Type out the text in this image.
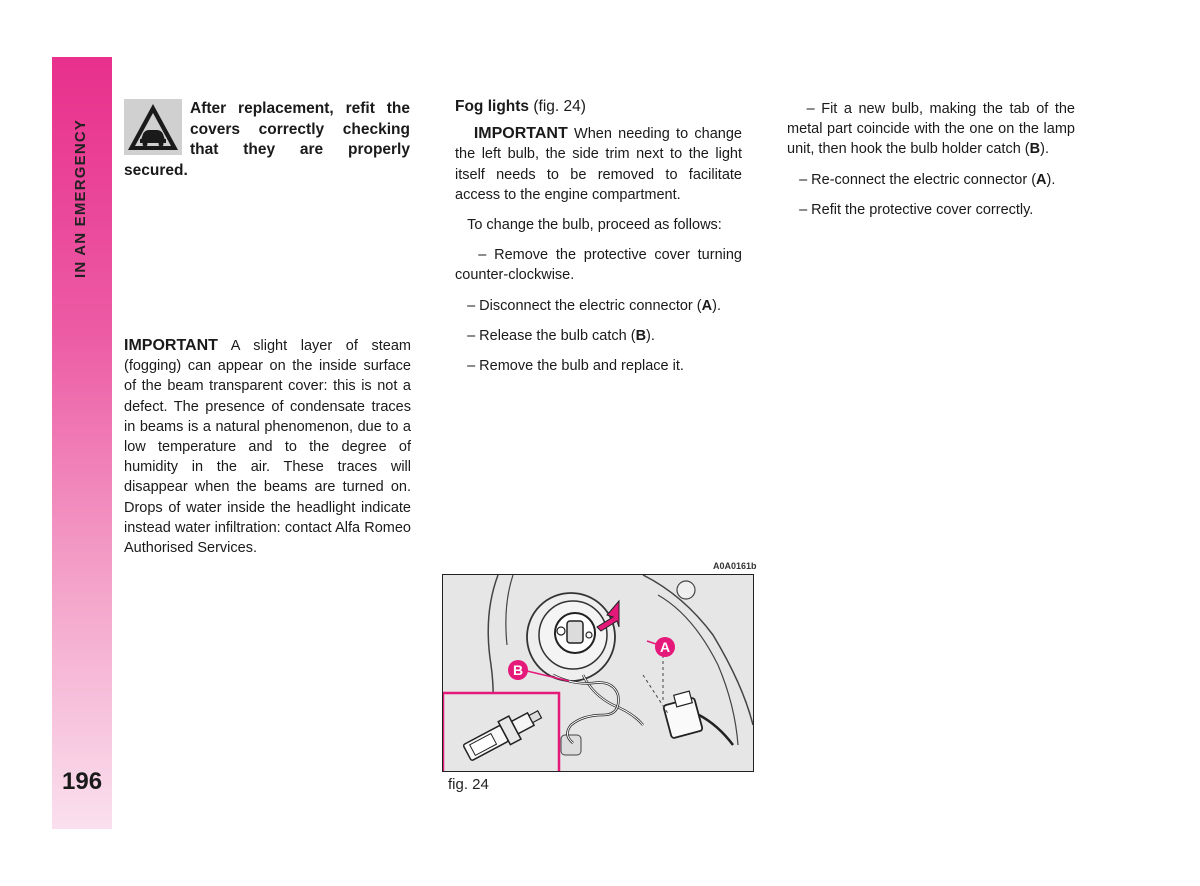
IN AN EMERGENCY
196
After replacement, refit the covers correctly checking that they are properly secured.

IMPORTANT A slight layer of steam (fogging) can appear on the inside surface of the beam transparent cover: this is not a defect. The presence of condensate traces in beams is a natural phenomenon, due to a low temperature and to the degree of humidity in the air. These traces will disappear when the beams are turned on. Drops of water inside the headlight indicate instead water infiltration: contact Alfa Romeo Authorised Services.

Fog lights (fig. 24)

IMPORTANT When needing to change the left bulb, the side trim next to the light itself needs to be removed to facilitate access to the engine compartment.

To change the bulb, proceed as follows:

– Remove the protective cover turning counter-clockwise.

– Disconnect the electric connector (A).

– Release the bulb catch (B).

– Remove the bulb and replace it.

– Fit a new bulb, making the tab of the metal part coincide with the one on the lamp unit, then hook the bulb holder catch (B).

– Re-connect the electric connector (A).

– Refit the protective cover correctly.

A0A0161b
A
B
fig. 24
